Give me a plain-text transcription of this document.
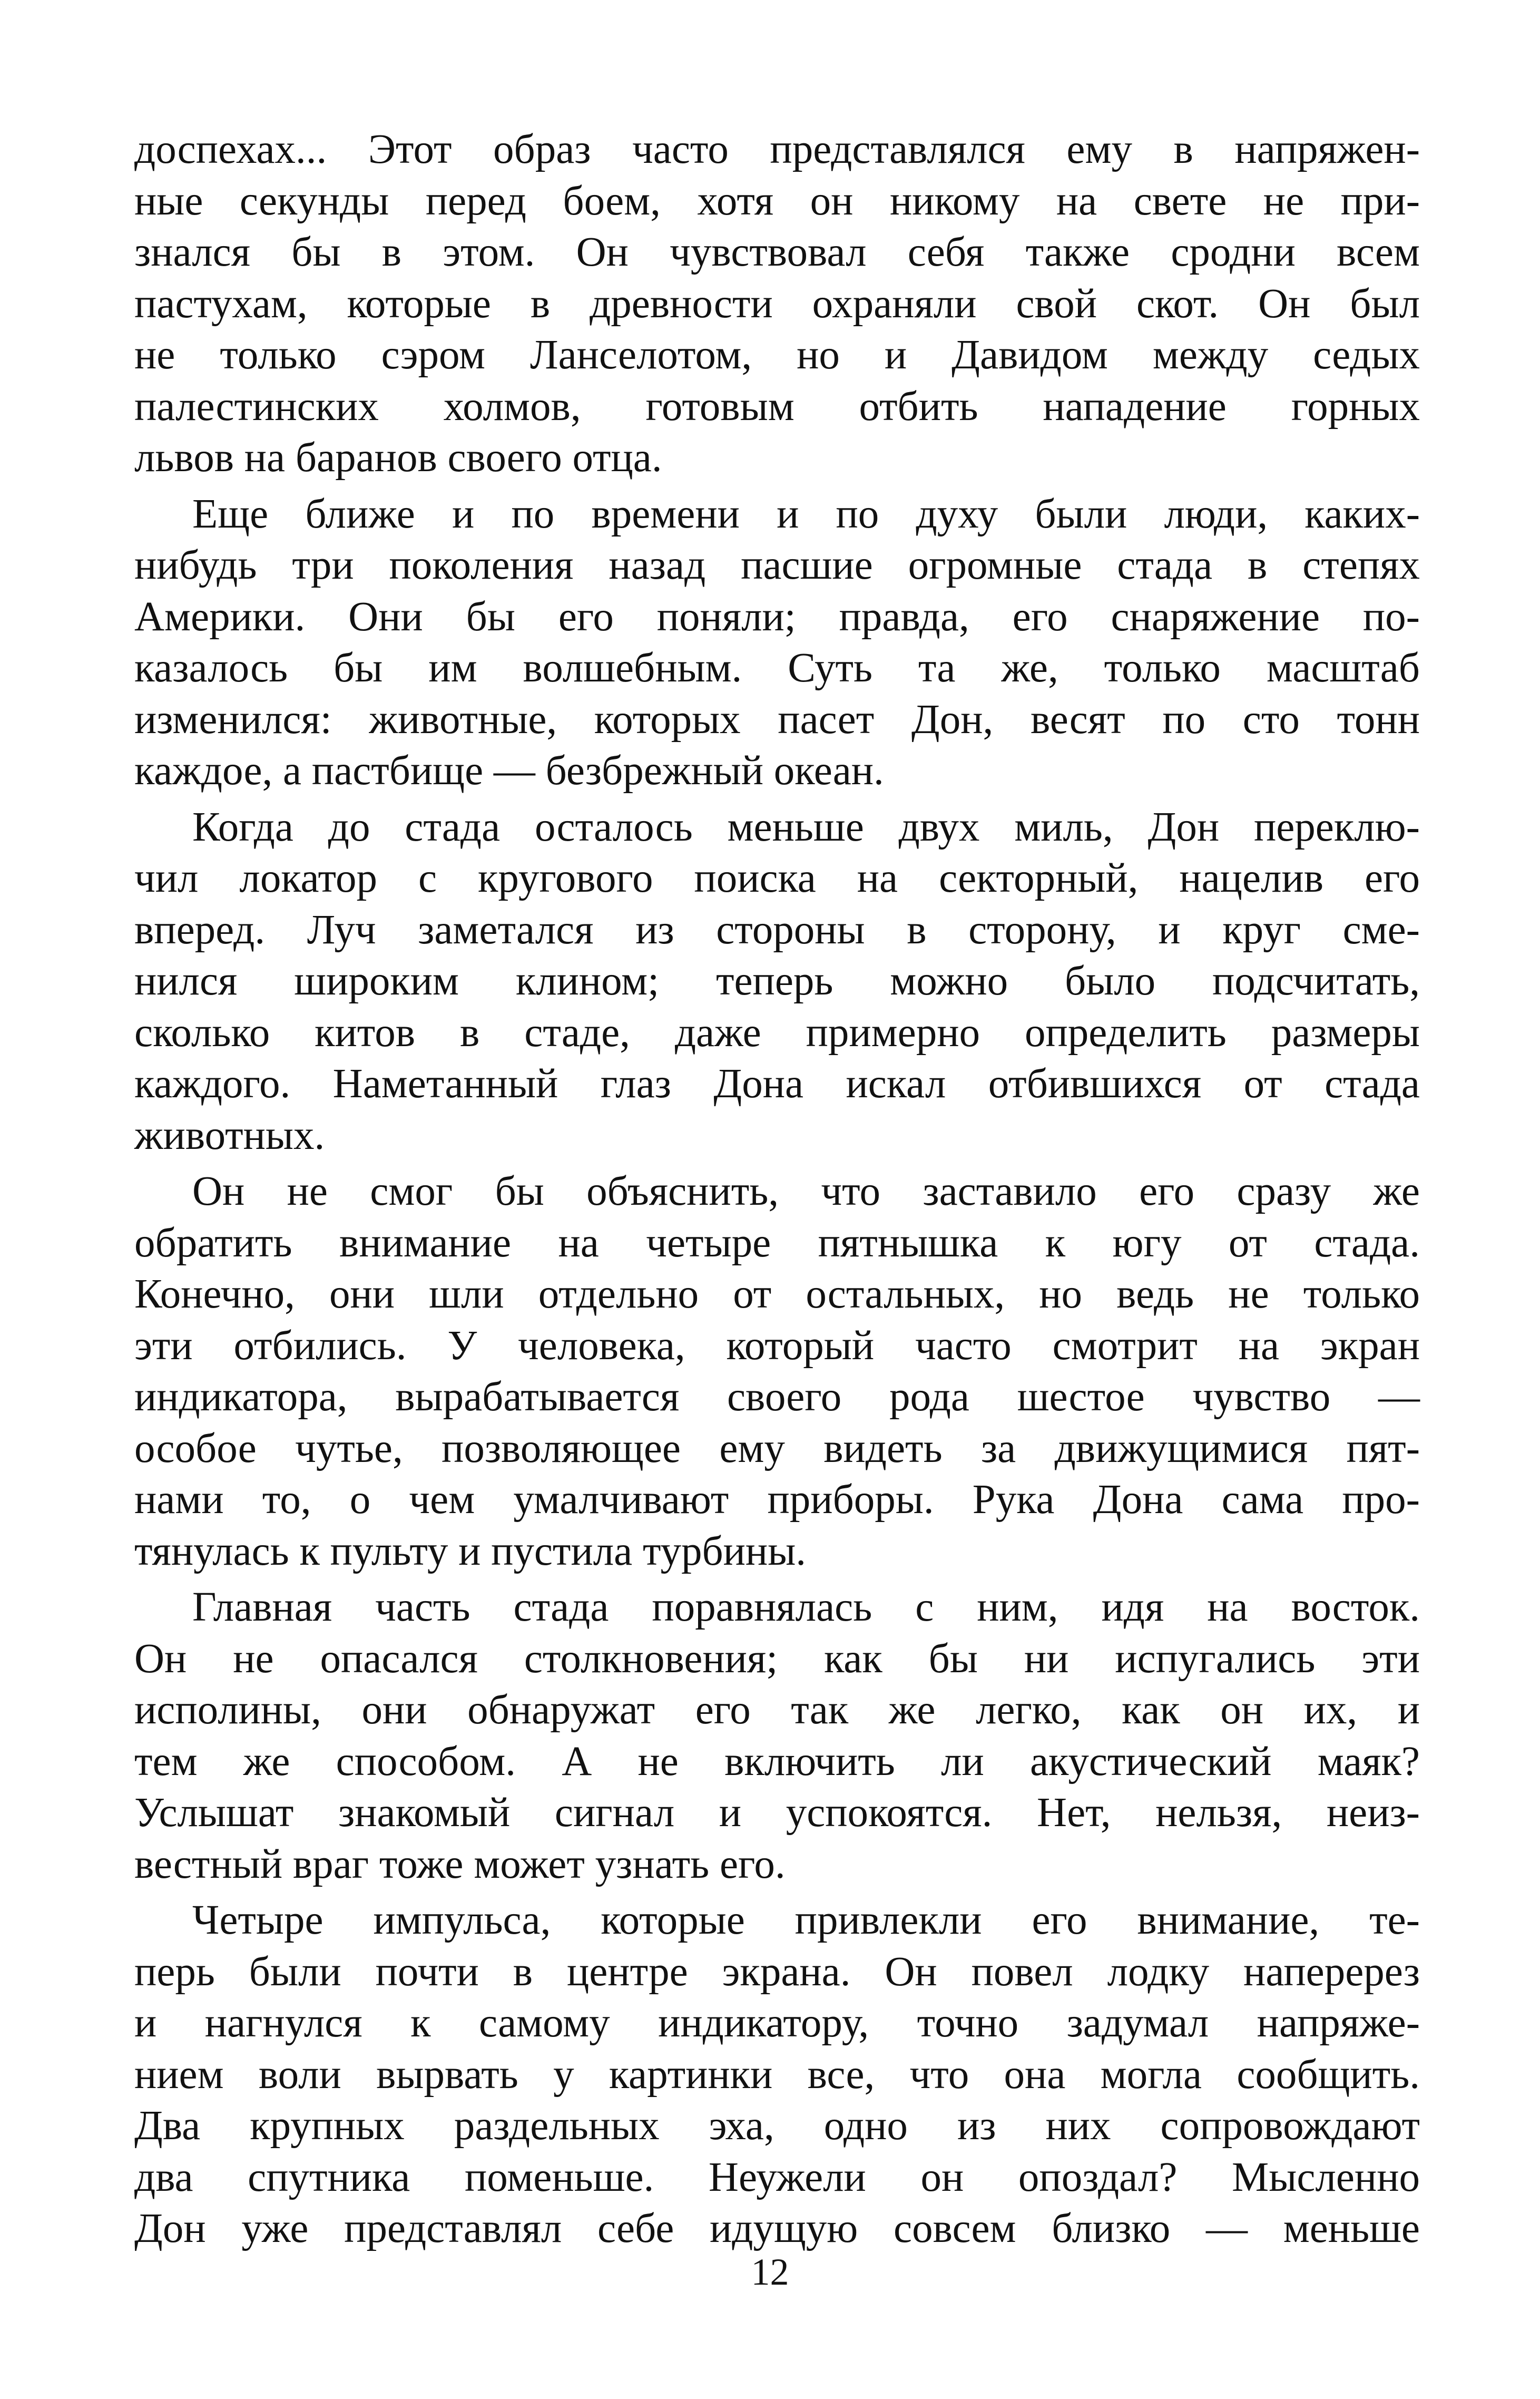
доспехах... Этот образ часто представлялся ему в напряжен-
ные секунды перед боем, хотя он никому на свете не при-
знался бы в этом. Он чувствовал себя также сродни всем
пастухам, которые в древности охраняли свой скот. Он был
не только сэром Ланселотом, но и Давидом между седых
палестинских холмов, готовым отбить нападение горных
львов на баранов своего отца.
Еще ближе и по времени и по духу были люди, каких-
нибудь три поколения назад пасшие огромные стада в степях
Америки. Они бы его поняли; правда, его снаряжение по-
казалось бы им волшебным. Суть та же, только масштаб
изменился: животные, которых пасет Дон, весят по сто тонн
каждое, а пастбище — безбрежный океан.
Когда до стада осталось меньше двух миль, Дон переклю-
чил локатор с кругового поиска на секторный, нацелив его
вперед. Луч заметался из стороны в сторону, и круг сме-
нился широким клином; теперь можно было подсчитать,
сколько китов в стаде, даже примерно определить размеры
каждого. Наметанный глаз Дона искал отбившихся от стада
животных.
Он не смог бы объяснить, что заставило его сразу же
обратить внимание на четыре пятнышка к югу от стада.
Конечно, они шли отдельно от остальных, но ведь не только
эти отбились. У человека, который часто смотрит на экран
индикатора, вырабатывается своего рода шестое чувство —
особое чутье, позволяющее ему видеть за движущимися пят-
нами то, о чем умалчивают приборы. Рука Дона сама про-
тянулась к пульту и пустила турбины.
Главная часть стада поравнялась с ним, идя на восток.
Он не опасался столкновения; как бы ни испугались эти
исполины, они обнаружат его так же легко, как он их, и
тем же способом. А не включить ли акустический маяк?
Услышат знакомый сигнал и успокоятся. Нет, нельзя, неиз-
вестный враг тоже может узнать его.
Четыре импульса, которые привлекли его внимание, те-
перь были почти в центре экрана. Он повел лодку наперерез
и нагнулся к самому индикатору, точно задумал напряже-
нием воли вырвать у картинки все, что она могла сообщить.
Два крупных раздельных эха, одно из них сопровождают
два спутника поменьше. Неужели он опоздал? Мысленно
Дон уже представлял себе идущую совсем близко — меньше
12
